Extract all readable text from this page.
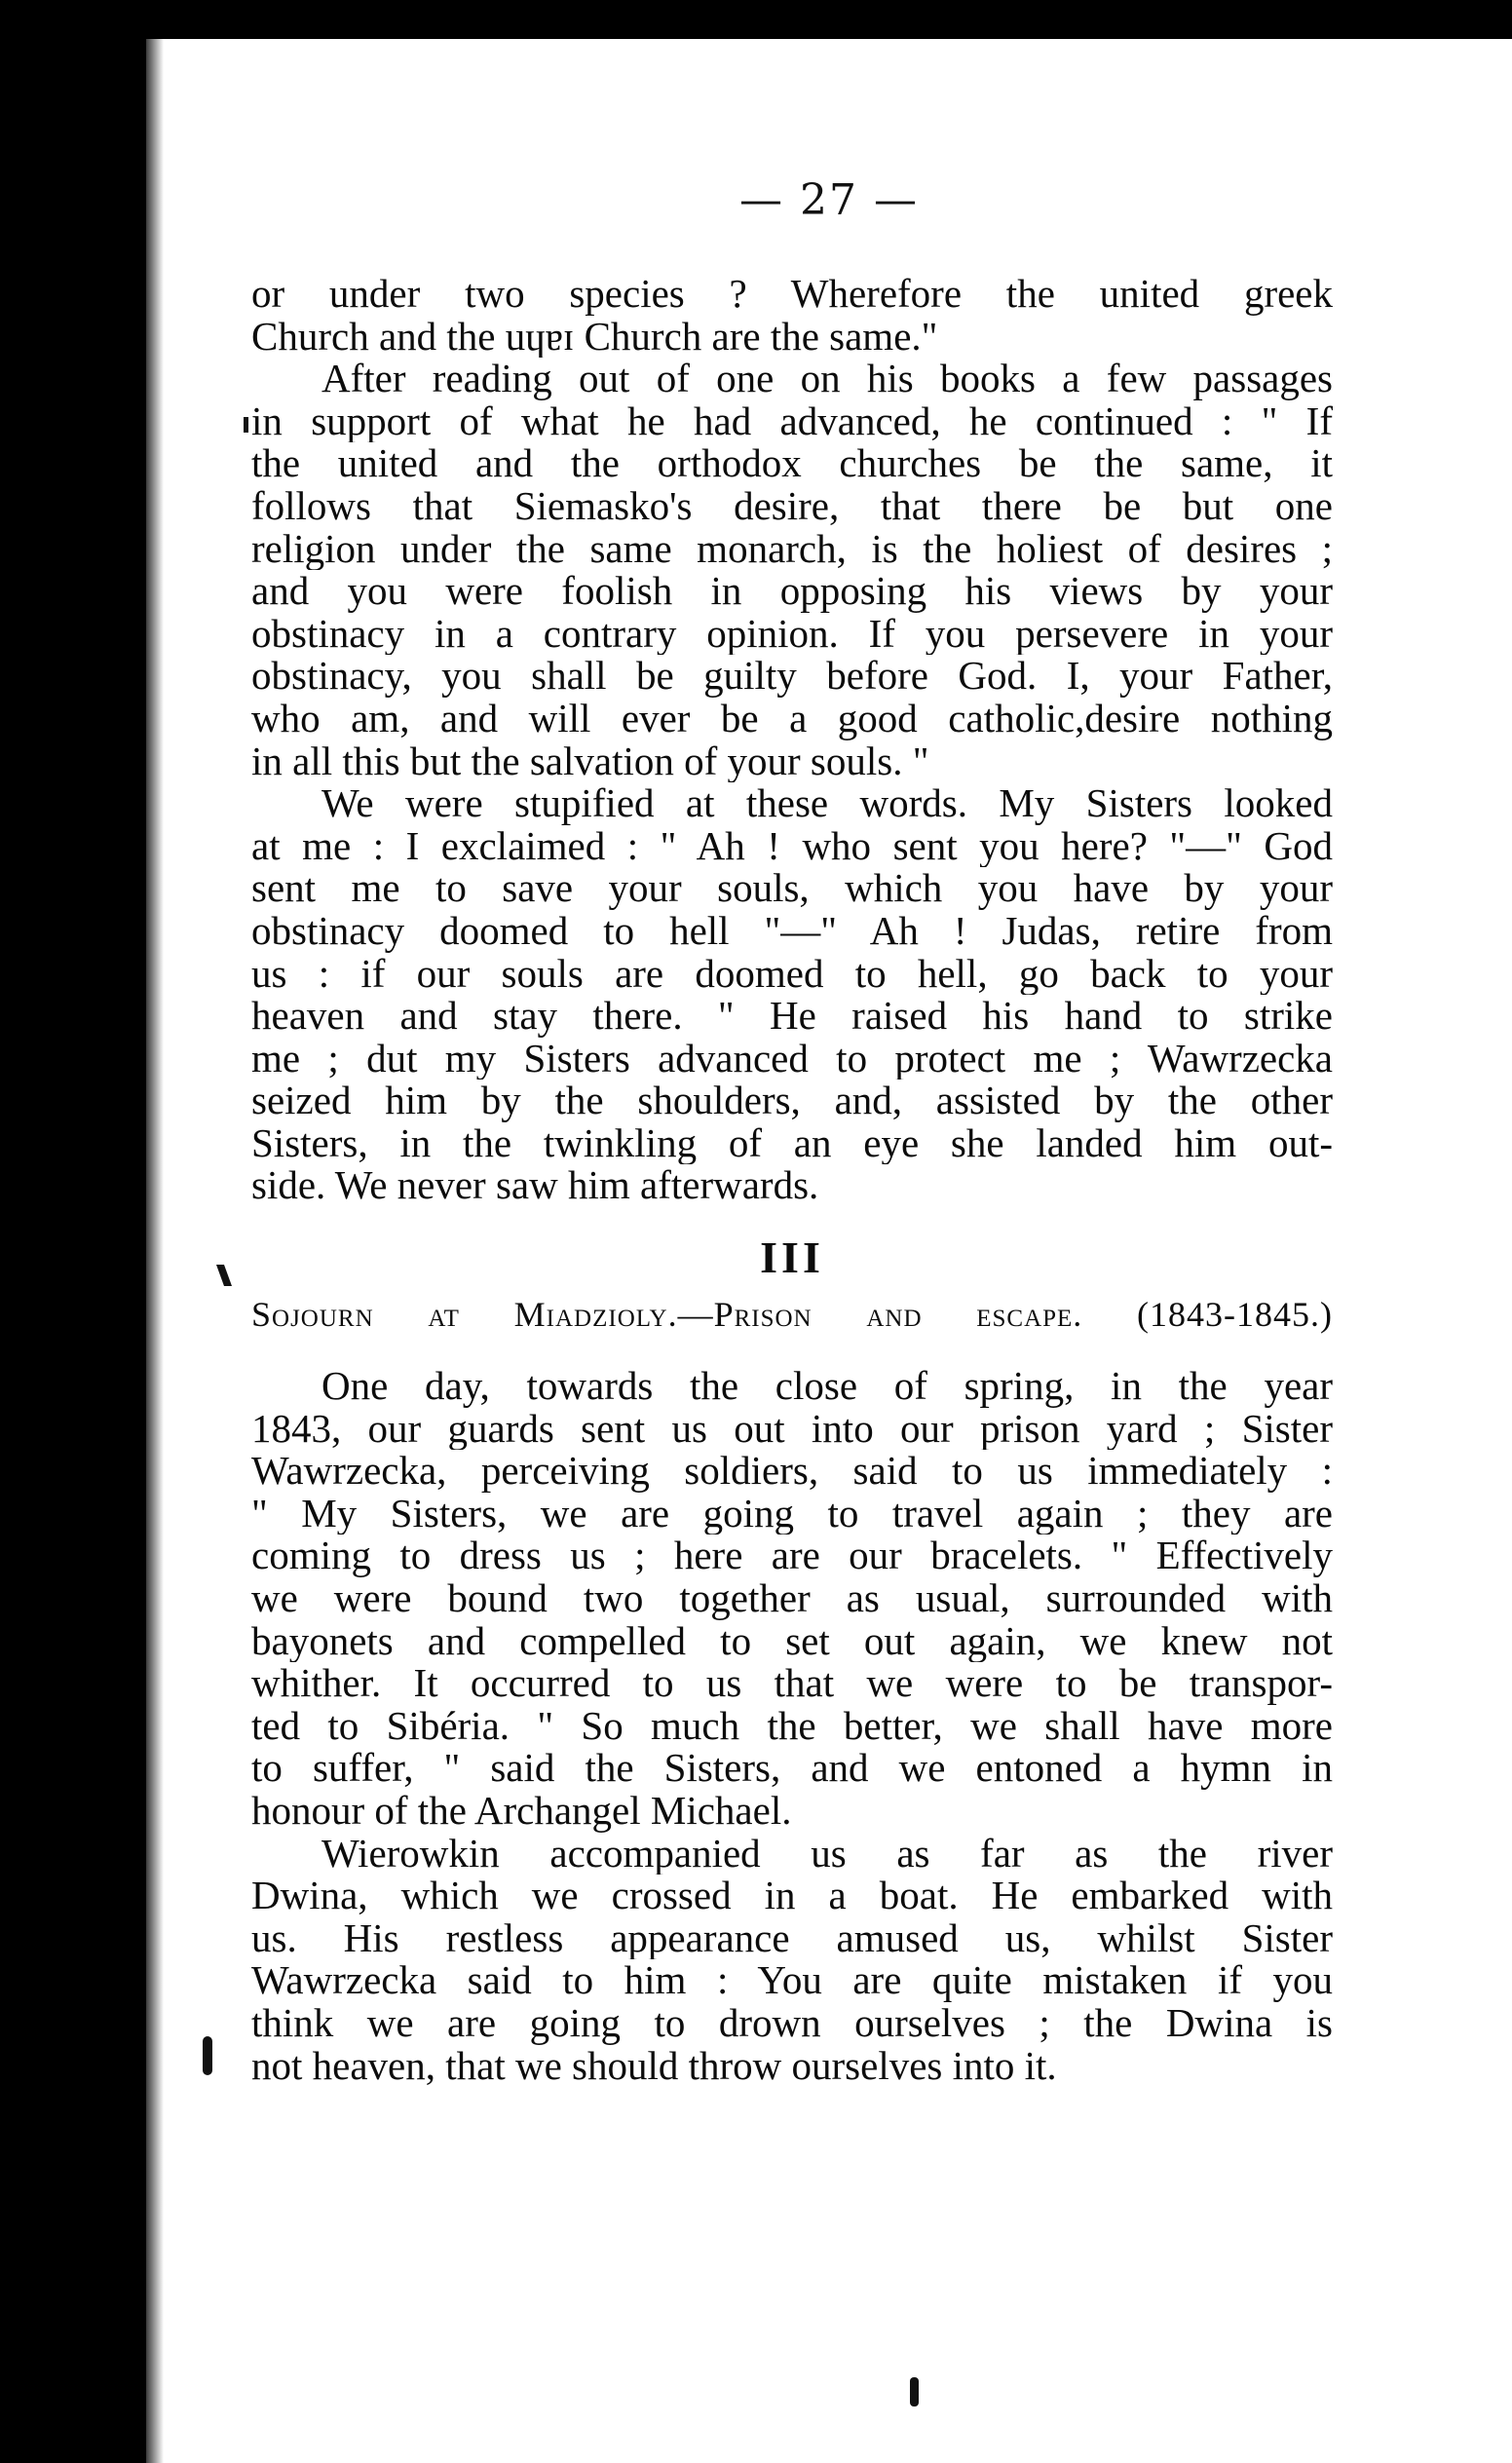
— 27 —
or under two species ? Wherefore the united greek
Church and the uɥɐɪ Church are the same."
After reading out of one on his books a few passages
in support of what he had advanced, he continued : " If
the united and the orthodox churches be the same, it
follows that Siemasko's desire, that there be but one
religion under the same monarch, is the holiest of desires ;
and you were foolish in opposing his views by your
obstinacy in a contrary opinion. If you persevere in your
obstinacy, you shall be guilty before God. I, your Father,
who am, and will ever be a good catholic,desire nothing
in all this but the salvation of your souls. "
We were stupified at these words. My Sisters looked
at me : I exclaimed : " Ah ! who sent you here? "—" God
sent me to save your souls, which you have by your
obstinacy doomed to hell "—" Ah ! Judas, retire from
us : if our souls are doomed to hell, go back to your
heaven and stay there. " He raised his hand to strike
me ; dut my Sisters advanced to protect me ; Wawrzecka
seized him by the shoulders, and, assisted by the other
Sisters, in the twinkling of an eye she landed him out-
side. We never saw him afterwards.
III
Sojourn at Miadzioly.—Prison and escape. (1843-1845.)
One day, towards the close of spring, in the year
1843, our guards sent us out into our prison yard ; Sister
Wawrzecka, perceiving soldiers, said to us immediately :
" My Sisters, we are going to travel again ; they are
coming to dress us ; here are our bracelets. " Effectively
we were bound two together as usual, surrounded with
bayonets and compelled to set out again, we knew not
whither. It occurred to us that we were to be transpor-
ted to Sibéria. " So much the better, we shall have more
to suffer, " said the Sisters, and we entoned a hymn in
honour of the Archangel Michael.
Wierowkin accompanied us as far as the river
Dwina, which we crossed in a boat. He embarked with
us. His restless appearance amused us, whilst Sister
Wawrzecka said to him : You are quite mistaken if you
think we are going to drown ourselves ; the Dwina is
not heaven, that we should throw ourselves into it.
